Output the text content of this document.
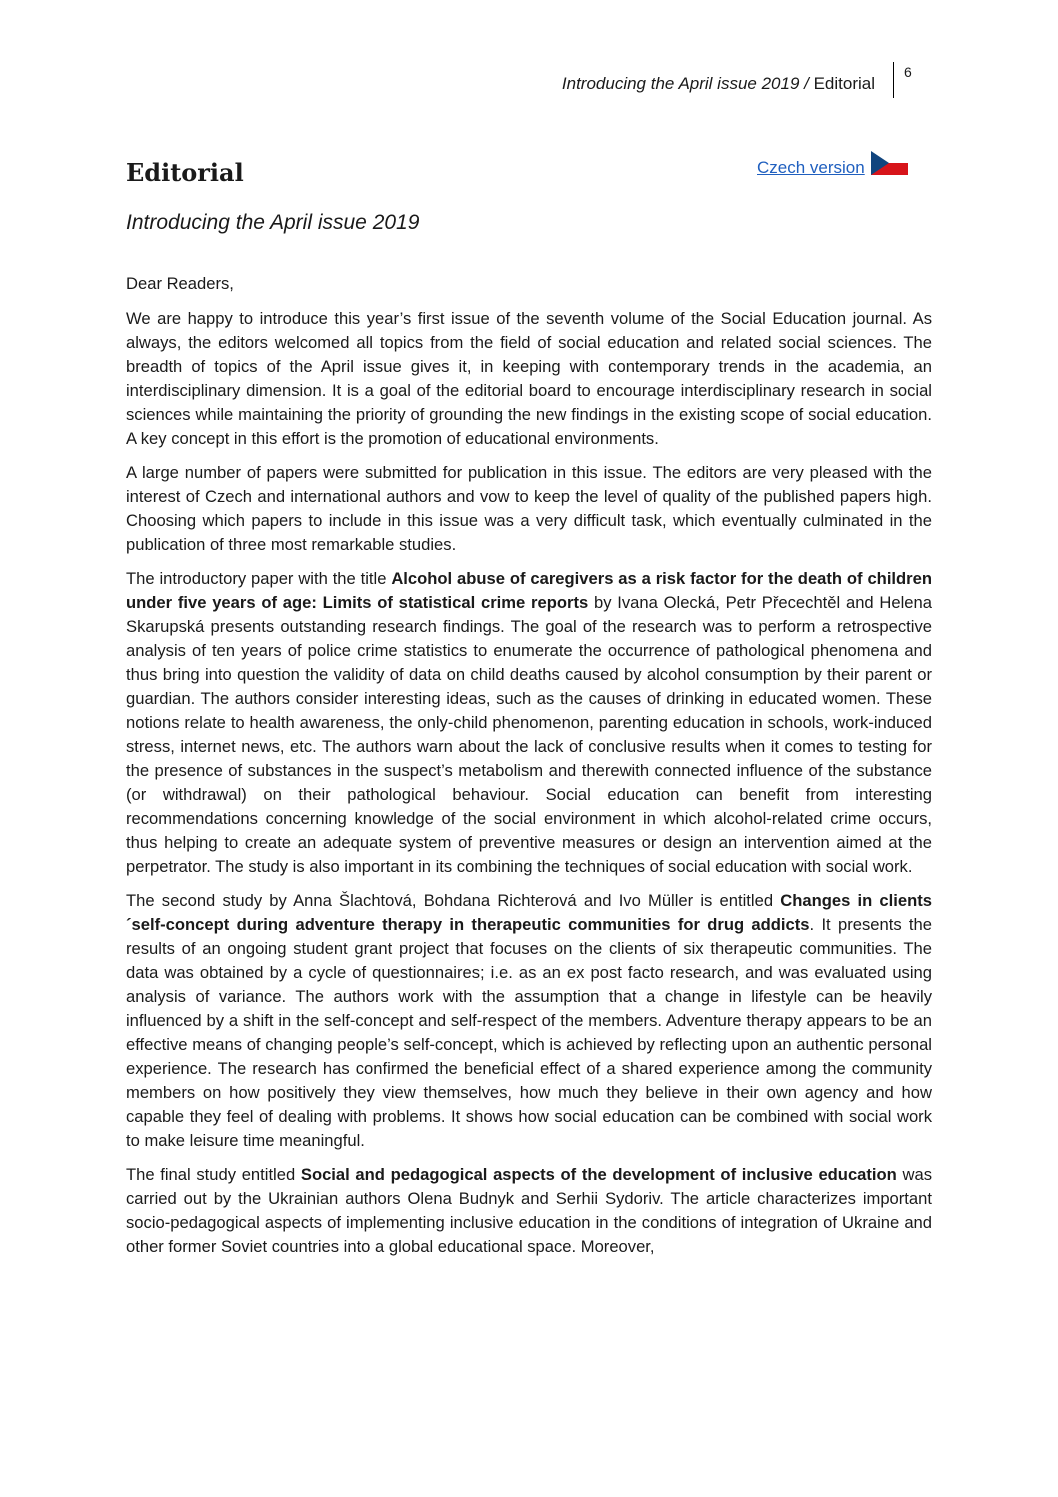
Introducing the April issue 2019 / Editorial
6
Editorial	Czech version
Introducing the April issue 2019

Dear Readers,

We are happy to introduce this year’s first issue of the seventh volume of the Social Education journal. As always, the editors welcomed all topics from the field of social education and related social sciences. The breadth of topics of the April issue gives it, in keeping with contemporary trends in the academia, an interdisciplinary dimension. It is a goal of the editorial board to encourage interdisciplinary research in social sciences while maintaining the priority of grounding the new findings in the existing scope of social education. A key concept in this effort is the promotion of educational environments.

A large number of papers were submitted for publication in this issue. The editors are very pleased with the interest of Czech and international authors and vow to keep the level of quality of the published papers high. Choosing which papers to include in this issue was a very difficult task, which eventually culminated in the publication of three most remarkable studies.

The introductory paper with the title Alcohol abuse of caregivers as a risk factor for the death of children under five years of age: Limits of statistical crime reports by Ivana Olecká, Petr Přecechtěl and Helena Skarupská presents outstanding research findings. The goal of the research was to perform a retrospective analysis of ten years of police crime statistics to enumerate the occurrence of pathological phenomena and thus bring into question the validity of data on child deaths caused by alcohol consumption by their parent or guardian. The authors consider interesting ideas, such as the causes of drinking in educated women. These notions relate to health awareness, the only-child phenomenon, parenting education in schools, work-induced stress, internet news, etc. The authors warn about the lack of conclusive results when it comes to testing for the presence of substances in the suspect’s metabolism and therewith connected influence of the substance (or withdrawal) on their pathological behaviour. Social education can benefit from interesting recommendations concerning knowledge of the social environment in which alcohol-related crime occurs, thus helping to create an adequate system of preventive measures or design an intervention aimed at the perpetrator. The study is also important in its combining the techniques of social education with social work.

The second study by Anna Šlachtová, Bohdana Richterová and Ivo Müller is entitled Changes in clients´self-concept during adventure therapy in therapeutic communities for drug addicts. It presents the results of an ongoing student grant project that focuses on the clients of six therapeutic communities. The data was obtained by a cycle of questionnaires; i.e. as an ex post facto research, and was evaluated using analysis of variance. The authors work with the assumption that a change in lifestyle can be heavily influenced by a shift in the self-concept and self-respect of the members. Adventure therapy appears to be an effective means of changing people’s self-concept, which is achieved by reflecting upon an authentic personal experience. The research has confirmed the beneficial effect of a shared experience among the community members on how positively they view themselves, how much they believe in their own agency and how capable they feel of dealing with problems. It shows how social education can be combined with social work to make leisure time meaningful.

The final study entitled Social and pedagogical aspects of the development of inclusive education was carried out by the Ukrainian authors Olena Budnyk and Serhii Sydoriv. The article characterizes important socio-pedagogical aspects of implementing inclusive education in the conditions of integration of Ukraine and other former Soviet countries into a global educational space. Moreover,
